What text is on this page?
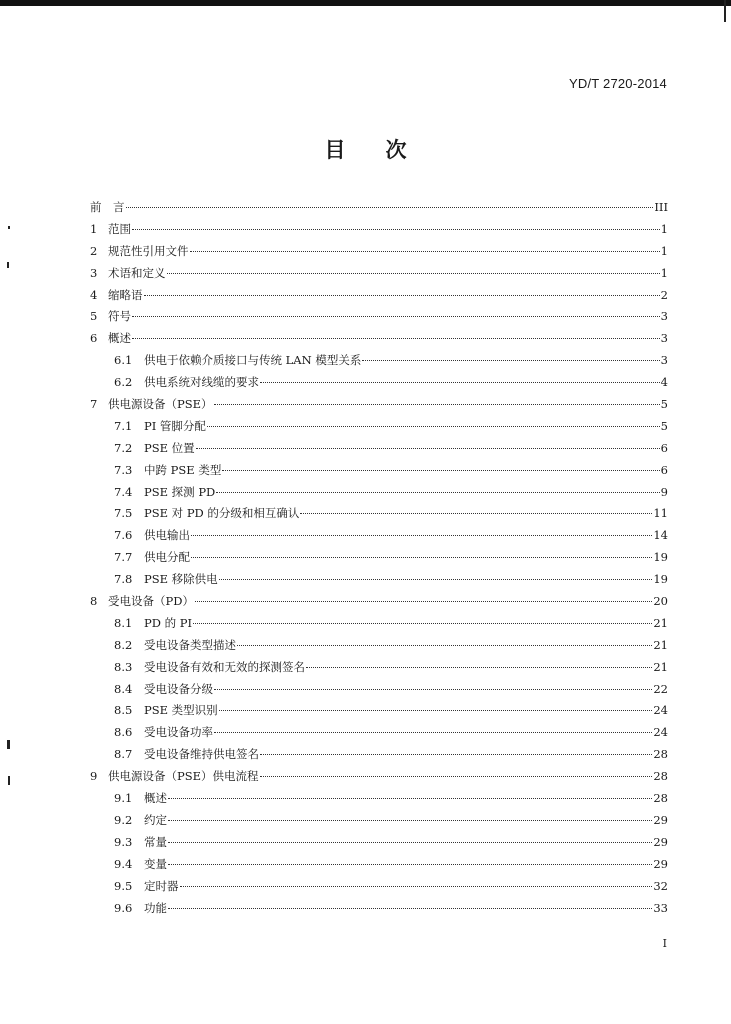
YD/T 2720-2014
目 次
前　言	III
1 范围	1
2 规范性引用文件	1
3 术语和定义	1
4 缩略语	2
5 符号	3
6 概述	3
6.1	供电于依赖介质接口与传统 LAN 模型关系	3
6.2	供电系统对线缆的要求	4
7 供电源设备（PSE）	5
7.1	PI 管脚分配	5
7.2	PSE 位置	6
7.3	中跨 PSE 类型	6
7.4	PSE 探测 PD	9
7.5	PSE 对 PD 的分级和相互确认	11
7.6	供电输出	14
7.7	供电分配	19
7.8	PSE 移除供电	19
8 受电设备（PD）	20
8.1	PD 的 PI	21
8.2	受电设备类型描述	21
8.3	受电设备有效和无效的探测签名	21
8.4	受电设备分级	22
8.5	PSE 类型识别	24
8.6	受电设备功率	24
8.7	受电设备维持供电签名	28
9 供电源设备（PSE）供电流程	28
9.1	概述	28
9.2	约定	29
9.3	常量	29
9.4	变量	29
9.5	定时器	32
9.6	功能	33
I
